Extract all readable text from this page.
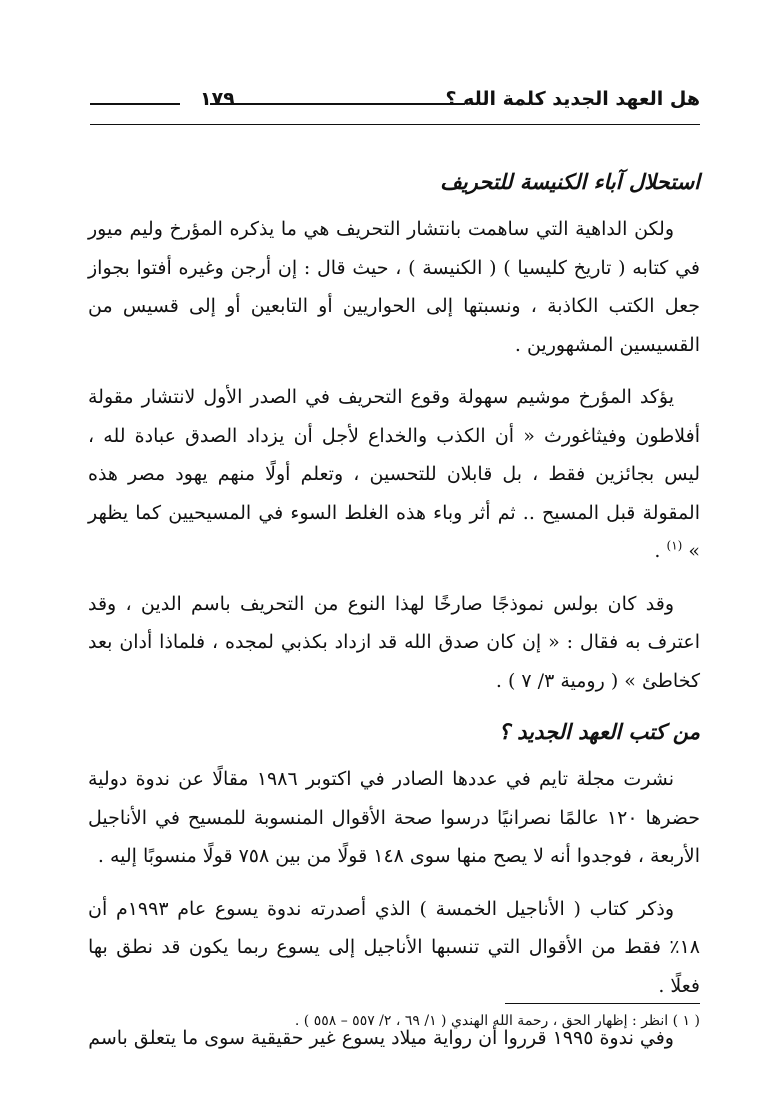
هل العهد الجديد كلمة الله ؟
١٧٩
استحلال آباء الكنيسة للتحريف

ولكن الداهية التي ساهمت بانتشار التحريف هي ما يذكره المؤرخ وليم ميور في كتابه ( تاريخ كليسيا ) ( الكنيسة ) ، حيث قال : إن أرجن وغيره أفتوا بجواز جعل الكتب الكاذبة ، ونسبتها إلى الحواريين أو التابعين أو إلى قسيس من القسيسين المشهورين .

يؤكد المؤرخ موشيم سهولة وقوع التحريف في الصدر الأول لانتشار مقولة أفلاطون وفيثاغورث « أن الكذب والخداع لأجل أن يزداد الصدق عبادة لله ، ليس بجائزين فقط ، بل قابلان للتحسين ، وتعلم أولًا منهم يهود مصر هذه المقولة قبل المسيح .. ثم أثر وباء هذه الغلط السوء في المسيحيين كما يظهر » $^{(١)}$ .

وقد كان بولس نموذجًا صارخًا لهذا النوع من التحريف باسم الدين ، وقد اعترف به فقال : « إن كان صدق الله قد ازداد بكذبي لمجده ، فلماذا أدان بعد كخاطئ » ( رومية ٣/ ٧ ) .

من كتب العهد الجديد ؟

نشرت مجلة تايم في عددها الصادر في اكتوبر ١٩٨٦ مقالًا عن ندوة دولية حضرها ١٢٠ عالمًا نصرانيًا درسوا صحة الأقوال المنسوبة للمسيح في الأناجيل الأربعة ، فوجدوا أنه لا يصح منها سوى ١٤٨ قولًا من بين ٧٥٨ قولًا منسوبًا إليه .

وذكر كتاب ( الأناجيل الخمسة ) الذي أصدرته ندوة يسوع عام ١٩٩٣م أن ١٨٪ فقط من الأقوال التي تنسبها الأناجيل إلى يسوع ربما يكون قد نطق بها فعلًا .

وفي ندوة ١٩٩٥ قرروا أن رواية ميلاد يسوع غير حقيقية سوى ما يتعلق باسم

( ١ ) انظر : إظهار الحق ، رحمة الله الهندي ( ١/ ٦٩ ، ٢/ ٥٥٧ – ٥٥٨ ) .
